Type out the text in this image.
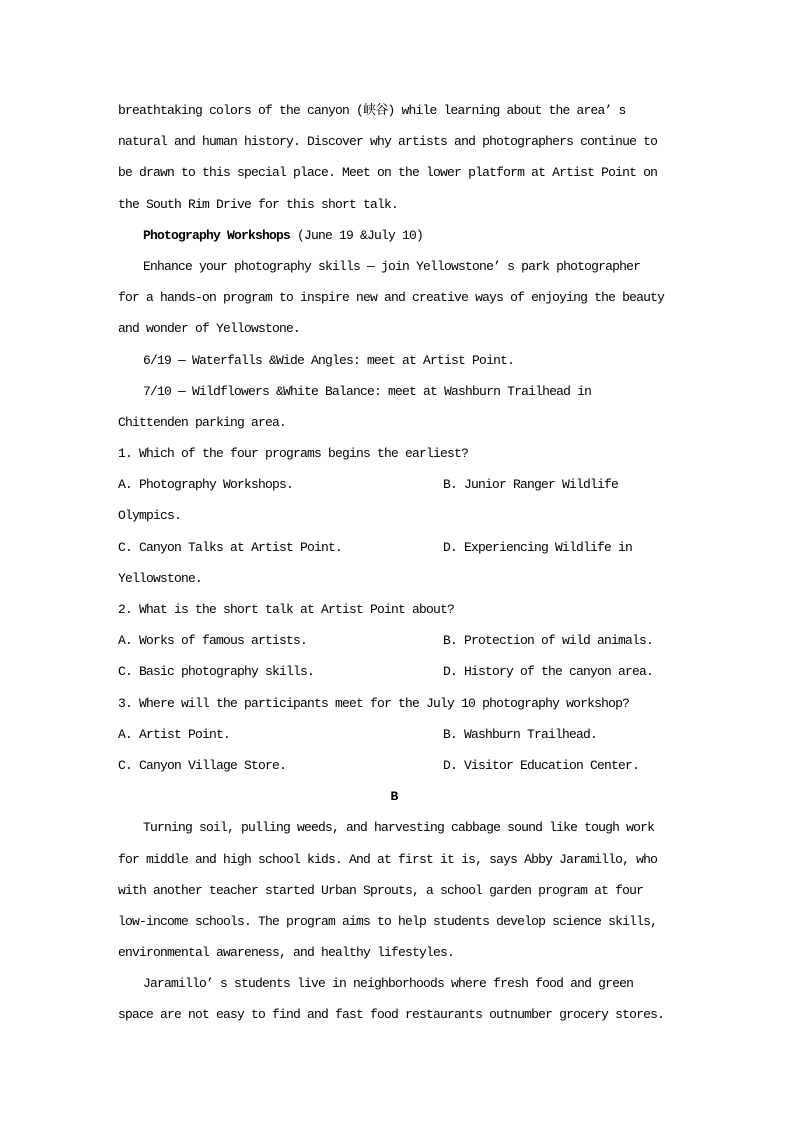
breathtaking colors of the canyon (峡谷) while learning about the area’ s
natural and human history. Discover why artists and photographers continue to
be drawn to this special place. Meet on the lower platform at Artist Point on
the South Rim Drive for this short talk.
Photography Workshops (June 19 &July 10)
Enhance your photography skills — join Yellowstone’ s park photographer
for a hands-on program to inspire new and creative ways of enjoying the beauty
and wonder of Yellowstone.
6/19 — Waterfalls &Wide Angles: meet at Artist Point.
7/10 — Wildflowers &White Balance: meet at Washburn Trailhead in
Chittenden parking area.
1. Which of the four programs begins the earliest?
A. Photography Workshops.	B. Junior Ranger Wildlife
Olympics.
C. Canyon Talks at Artist Point.	D. Experiencing Wildlife in
Yellowstone.
2. What is the short talk at Artist Point about?
A. Works of famous artists.	B. Protection of wild animals.
C. Basic photography skills.	D. History of the canyon area.
3. Where will the participants meet for the July 10 photography workshop?
A. Artist Point.	B. Washburn Trailhead.
C. Canyon Village Store.	D. Visitor Education Center.
B
Turning soil, pulling weeds, and harvesting cabbage sound like tough work
for middle and high school kids. And at first it is, says Abby Jaramillo, who
with another teacher started Urban Sprouts, a school garden program at four
low-income schools. The program aims to help students develop science skills,
environmental awareness, and healthy lifestyles.
Jaramillo’ s students live in neighborhoods where fresh food and green
space are not easy to find and fast food restaurants outnumber grocery stores.
